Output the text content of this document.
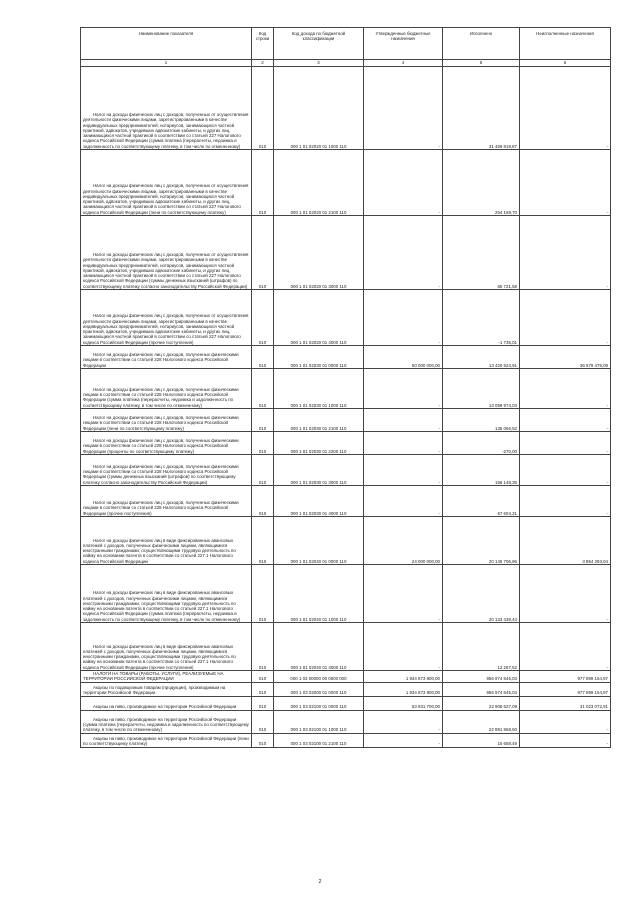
Наименование показателя	Код строки	Код дохода по бюджетной классификации	Утвержденные бюджетные назначения	Исполнено	Неисполненные назначения
1	2	3	4	5	6

Налог на доходы физических лиц с доходов, полученных от осуществления деятельности физическими лицами, зарегистрированными в качестве индивидуальных предпринимателей, нотариусов, занимающихся частной практикой, адвокатов, учредивших адвокатские кабинеты, и других лиц, занимающихся частной практикой в соответствии со статьей 227 Налогового кодекса Российской Федерации (сумма платежа (перерасчеты, недоимка и задолженность по соответствующему платежу, в том числе по отмененному)	010	000 1 01 02020 01 1000 110	-	31 469 818,87	-

Налог на доходы физических лиц с доходов, полученных от осуществления деятельности физическими лицами, зарегистрированными в качестве индивидуальных предпринимателей, нотариусов, занимающихся частной практикой, адвокатов, учредивших адвокатские кабинеты, и других лиц, занимающихся частной практикой в соответствии со статьей 227 Налогового кодекса Российской Федерации (пени по соответствующему платежу)	010	000 1 01 02020 01 2100 110	-	254 169,70	-

Налог на доходы физических лиц с доходов, полученных от осуществления деятельности физическими лицами, зарегистрированными в качестве индивидуальных предпринимателей, нотариусов, занимающихся частной практикой, адвокатов, учредивших адвокатские кабинеты, и других лиц, занимающихся частной практикой в соответствии со статьей 227 Налогового кодекса Российской Федерации (суммы денежных взысканий (штрафов) по соответствующему платежу согласно законодательству Российской Федерации)	010	000 1 01 02020 01 3000 110	-	65 721,58	-

Налог на доходы физических лиц с доходов, полученных от осуществления деятельности физическими лицами, зарегистрированными в качестве индивидуальных предпринимателей, нотариусов, занимающихся частной практикой, адвокатов, учредивших адвокатские кабинеты, и других лиц, занимающихся частной практикой в соответствии со статьей 227 Налогового кодекса Российской Федерации (прочие поступления)	010	000 1 01 02020 01 4000 110	-	-1 735,01	-

Налог на доходы физических лиц с доходов, полученных физическими лицами в соответствии со статьей 228 Налогового кодекса Российской Федерации	010	000 1 01 02030 01 0000 110	50 000 000,00	13 420 524,91	36 579 475,09

Налог на доходы физических лиц с доходов, полученных физическими лицами в соответствии со статьей 228 Налогового кодекса Российской Федерации (сумма платежа (перерасчеты, недоимка и задолженность по соответствующему платежу, в том числе по отмененному)	010	000 1 01 02030 01 1000 110	-	13 059 974,03	-

Налог на доходы физических лиц с доходов, полученных физическими лицами в соответствии со статьей 228 Налогового кодекса Российской Федерации (пени по соответствующему платежу)	010	000 1 01 02030 01 2100 110	-	135 066,52	-

Налог на доходы физических лиц с доходов, полученных физическими лицами в соответствии со статьей 228 Налогового кодекса Российской Федерации (проценты по соответствующему платежу)	010	000 1 01 02030 01 2200 110	-	-270,00	-

Налог на доходы физических лиц с доходов, полученных физическими лицами в соответствии со статьей 228 Налогового кодекса Российской Федерации (суммы денежных взысканий (штрафов) по соответствующему платежу согласно законодательству Российской Федерации)	010	000 1 01 02030 01 3000 110	-	158 148,35	-

Налог на доходы физических лиц с доходов, полученных физическими лицами в соответствии со статьей 228 Налогового кодекса Российской Федерации (прочие поступления)	010	000 1 01 02030 01 4000 110	-	67 604,31	-

Налог на доходы физических лиц в виде фиксированных авансовых платежей с доходов, полученных физическими лицами, являющимися иностранными гражданами, осуществляющими трудовую деятельность по найму на основании патента в соответствии со статьей 227.1 Налогового кодекса Российской Федерации	010	000 1 01 02040 01 0000 110	24 000 000,00	20 145 706,96	3 854 293,04

Налог на доходы физических лиц в виде фиксированных авансовых платежей с доходов, полученных физическими лицами, являющимися иностранными гражданами, осуществляющими трудовую деятельность по найму на основании патента в соответствии со статьей 227.1 Налогового кодекса Российской Федерации (сумма платежа (перерасчеты, недоимка и задолженность по соответствующему платежу, в том числе по отмененному)	010	000 1 01 02040 01 1000 110	-	20 133 439,44	-

Налог на доходы физических лиц в виде фиксированных авансовых платежей с доходов, полученных физическими лицами, являющимися иностранными гражданами, осуществляющими трудовую деятельность по найму на основании патента в соответствии со статьей 227.1 Налогового кодекса Российской Федерации (прочие поступления)	010	000 1 01 02040 01 4000 110	-	12 267,52	-

НАЛОГИ НА ТОВАРЫ (РАБОТЫ, УСЛУГИ), РЕАЛИЗУЕМЫЕ НА ТЕРРИТОРИИ РОССИЙСКОЙ ФЕДЕРАЦИИ	010	000 1 03 00000 00 0000 000	1 934 873 800,00	956 974 645,03	977 899 154,97

Акцизы по подакцизным товарам (продукции), производимым на территории Российской Федерации	010	000 1 03 02000 01 0000 110	1 934 873 800,00	956 974 645,03	977 899 154,97

Акцизы на пиво, производимое на территории Российской Федерации	010	000 1 03 02100 01 0000 110	53 931 700,00	22 908 627,09	31 023 072,91

Акцизы на пиво, производимое на территории Российской Федерации (сумма платежа (перерасчеты, недоимка и задолженность по соответствующему платежу, в том числе по отмененному)	010	000 1 03 02100 01 1000 110	-	22 891 968,60	-

Акцизы на пиво, производимое на территории Российской Федерации (пени по соответствующему платежу)	010	000 1 03 02100 01 2100 110	-	16 658,49	-
2
